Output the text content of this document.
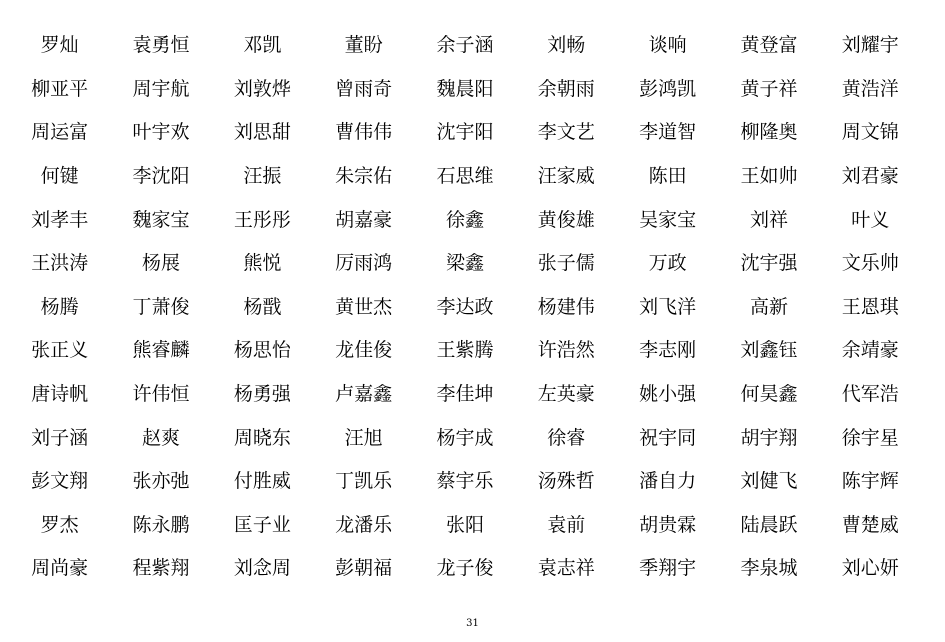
罗灿	袁勇恒	邓凯	董盼	余子涵	刘畅	谈响	黄登富	刘耀宇
柳亚平	周宇航	刘敦烨	曾雨奇	魏晨阳	余朝雨	彭鸿凯	黄子祥	黄浩洋
周运富	叶宇欢	刘思甜	曹伟伟	沈宇阳	李文艺	李道智	柳隆奥	周文锦
何键	李沈阳	汪振	朱宗佑	石思维	汪家威	陈田	王如帅	刘君豪
刘孝丰	魏家宝	王彤彤	胡嘉豪	徐鑫	黄俊雄	吴家宝	刘祥	叶义
王洪涛	杨展	熊悦	厉雨鸿	梁鑫	张子儒	万政	沈宇强	文乐帅
杨腾	丁萧俊	杨戬	黄世杰	李达政	杨建伟	刘飞洋	高新	王恩琪
张正义	熊睿麟	杨思怡	龙佳俊	王紫腾	许浩然	李志刚	刘鑫钰	余靖豪
唐诗帆	许伟恒	杨勇强	卢嘉鑫	李佳坤	左英豪	姚小强	何昊鑫	代军浩
刘子涵	赵爽	周晓东	汪旭	杨宇成	徐睿	祝宇同	胡宇翔	徐宇星
彭文翔	张亦弛	付胜威	丁凯乐	蔡宇乐	汤殊哲	潘自力	刘健飞	陈宇辉
罗杰	陈永鹏	匡子业	龙潘乐	张阳	袁前	胡贵霖	陆晨跃	曹楚威
周尚豪	程紫翔	刘念周	彭朝福	龙子俊	袁志祥	季翔宇	李泉城	刘心妍
31
